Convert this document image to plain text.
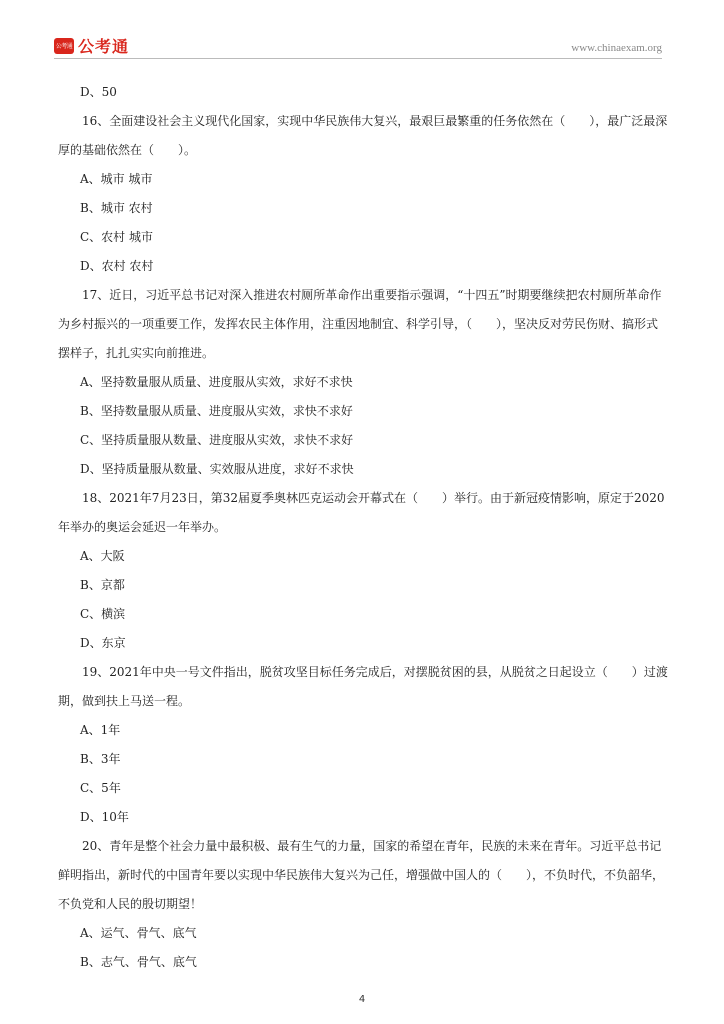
公考通 公考通	www.chinaexam.org
D、50
16、全面建设社会主义现代化国家，实现中华民族伟大复兴，最艰巨最繁重的任务依然在（　　），最广泛最深厚的基础依然在（　　）。
A、城市 城市
B、城市 农村
C、农村 城市
D、农村 农村
17、近日，习近平总书记对深入推进农村厕所革命作出重要指示强调，“十四五”时期要继续把农村厕所革命作为乡村振兴的一项重要工作，发挥农民主体作用，注重因地制宜、科学引导，（　　），坚决反对劳民伤财、搞形式摆样子，扎扎实实向前推进。
A、坚持数量服从质量、进度服从实效，求好不求快
B、坚持数量服从质量、进度服从实效，求快不求好
C、坚持质量服从数量、进度服从实效，求快不求好
D、坚持质量服从数量、实效服从进度，求好不求快
18、2021年7月23日，第32届夏季奥林匹克运动会开幕式在（　　）举行。由于新冠疫情影响，原定于2020年举办的奥运会延迟一年举办。
A、大阪
B、京都
C、横滨
D、东京
19、2021年中央一号文件指出，脱贫攻坚目标任务完成后，对摆脱贫困的县，从脱贫之日起设立（　　）过渡期，做到扶上马送一程。
A、1年
B、3年
C、5年
D、10年
20、青年是整个社会力量中最积极、最有生气的力量，国家的希望在青年，民族的未来在青年。习近平总书记鲜明指出，新时代的中国青年要以实现中华民族伟大复兴为己任，增强做中国人的（　　），不负时代，不负韶华，不负党和人民的殷切期望！
A、运气、骨气、底气
B、志气、骨气、底气
4
